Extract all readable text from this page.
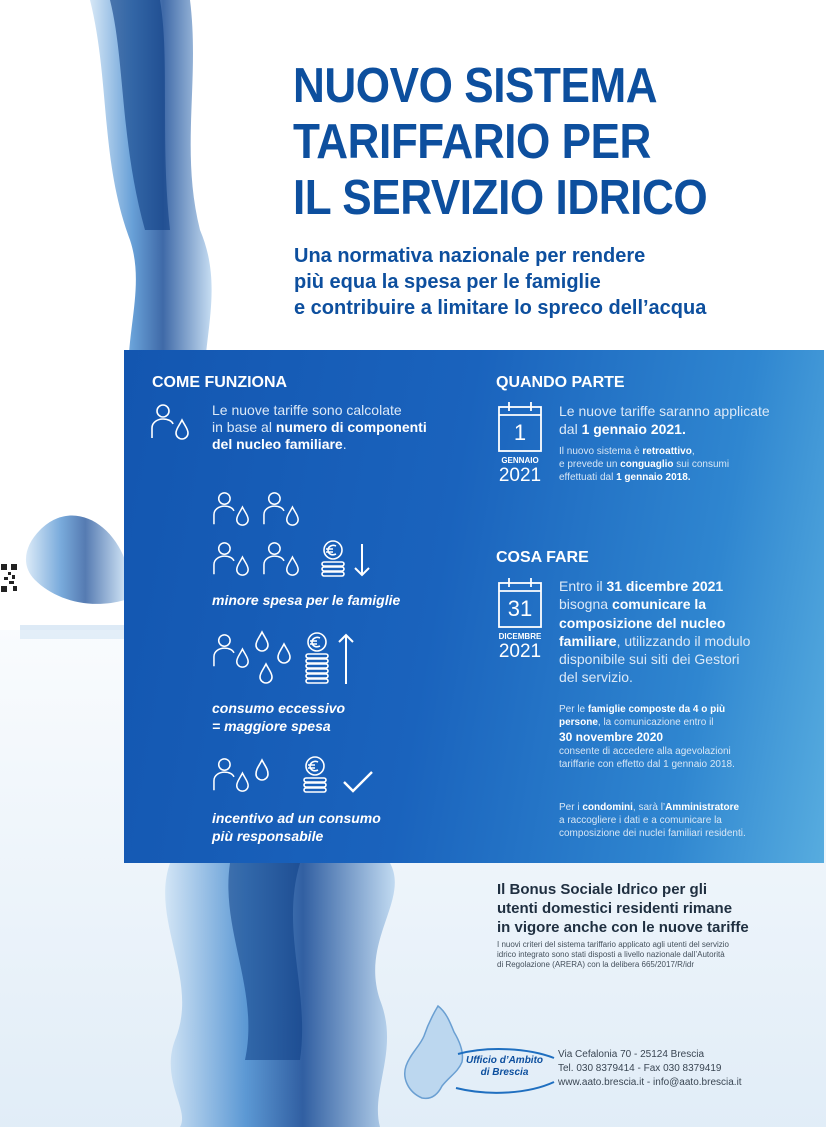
NUOVO SISTEMA
TARIFFARIO PER
IL SERVIZIO IDRICO
Una normativa nazionale per rendere
più equa la spesa per le famiglie
e contribuire a limitare lo spreco dell’acqua
COME FUNZIONA
Le nuove tariffe sono calcolate
in base al numero di componenti
del nucleo familiare.
minore spesa per le famiglie
consumo eccessivo
= maggiore spesa
incentivo ad un consumo
più responsabile
QUANDO PARTE
1
GENNAIO
2021
Le nuove tariffe saranno applicate
dal 1 gennaio 2021.
Il nuovo sistema è retroattivo,
e prevede un conguaglio sui consumi
effettuati dal 1 gennaio 2018.
COSA FARE
31
DICEMBRE
2021
Entro il 31 dicembre 2021
bisogna comunicare la
composizione del nucleo
familiare, utilizzando il modulo
disponibile sui siti dei Gestori
del servizio.
Per le famiglie composte da 4 o più
persone, la comunicazione entro il
30 novembre 2020
consente di accedere alla agevolazioni
tariffarie con effetto dal 1 gennaio 2018.
Per i condomini, sarà l’Amministratore
a raccogliere i dati e a comunicare la
composizione dei nuclei familiari residenti.
Il Bonus Sociale Idrico per gli
utenti domestici residenti rimane
in vigore anche con le nuove tariffe
I nuovi criteri del sistema tariffario applicato agli utenti del servizio
idrico integrato sono stati disposti a livello nazionale dall’Autorità
di Regolazione (ARERA) con la delibera 665/2017/R/idr
Ufficio d’Ambito
di Brescia
Via Cefalonia 70 - 25124 Brescia
Tel. 030 8379414 - Fax 030 8379419
www.aato.brescia.it - info@aato.brescia.it
